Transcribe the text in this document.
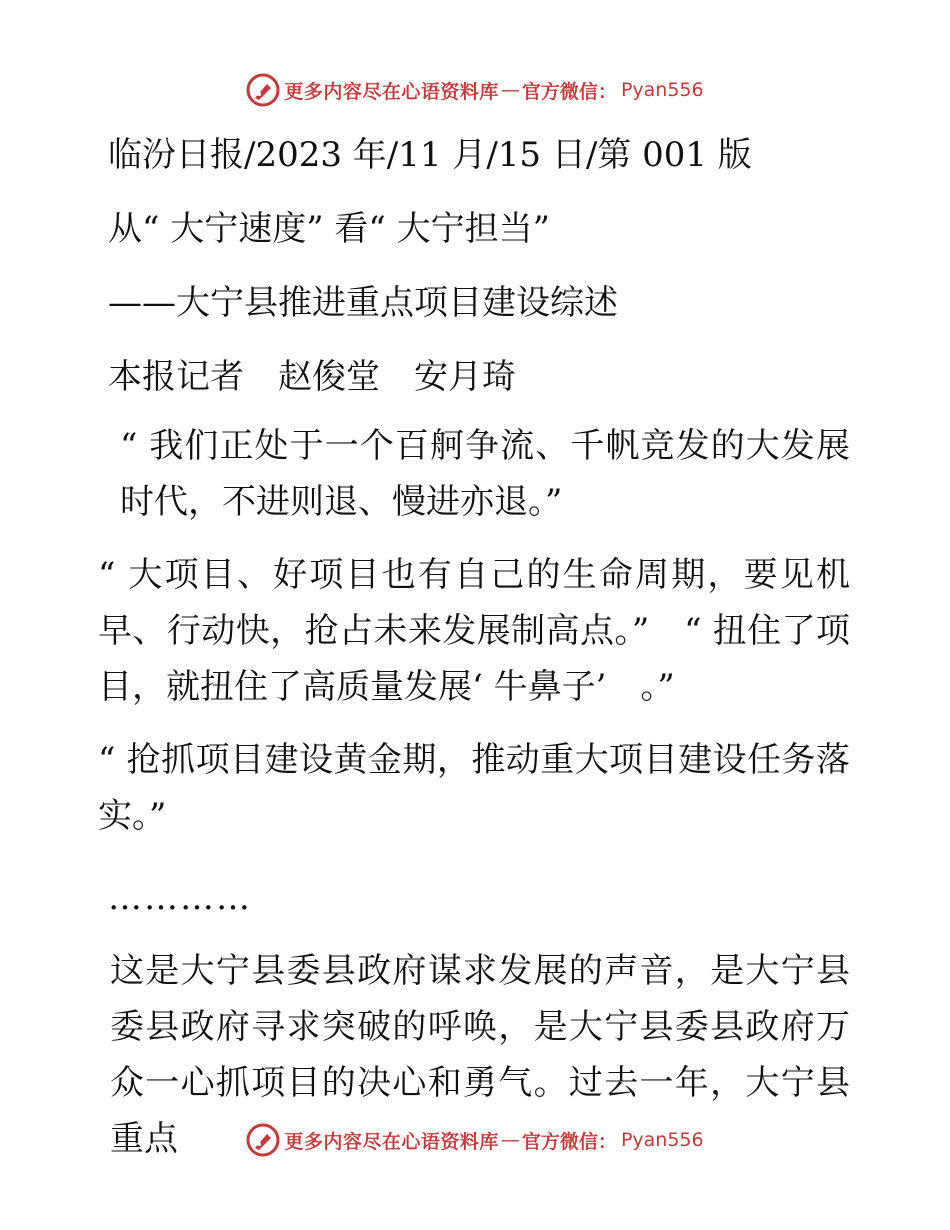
更多内容尽在心语资料库 — 官方微信： Pyan556

临汾日报/2023 年/11 月/15 日/第 001 版

从“ 大宁速度” 看“ 大宁担当”

——大宁县推进重点项目建设综述

本报记者　赵俊堂　安月琦

“ 我们正处于一个百舸争流、千帆竞发的大发展时代，不进则退、慢进亦退。”

“ 大项目、好项目也有自己的生命周期，要见机早、行动快，抢占未来发展制高点。”　“ 扭住了项目，就扭住了高质量发展‘ 牛鼻子’　。”

“ 抢抓项目建设黄金期，推动重大项目建设任务落实。”

…………

这是大宁县委县政府谋求发展的声音，是大宁县委县政府寻求突破的呼唤，是大宁县委县政府万众一心抓项目的决心和勇气。过去一年，大宁县重点	更多内容尽在心语资料库 — 官方微信： Pyan556
